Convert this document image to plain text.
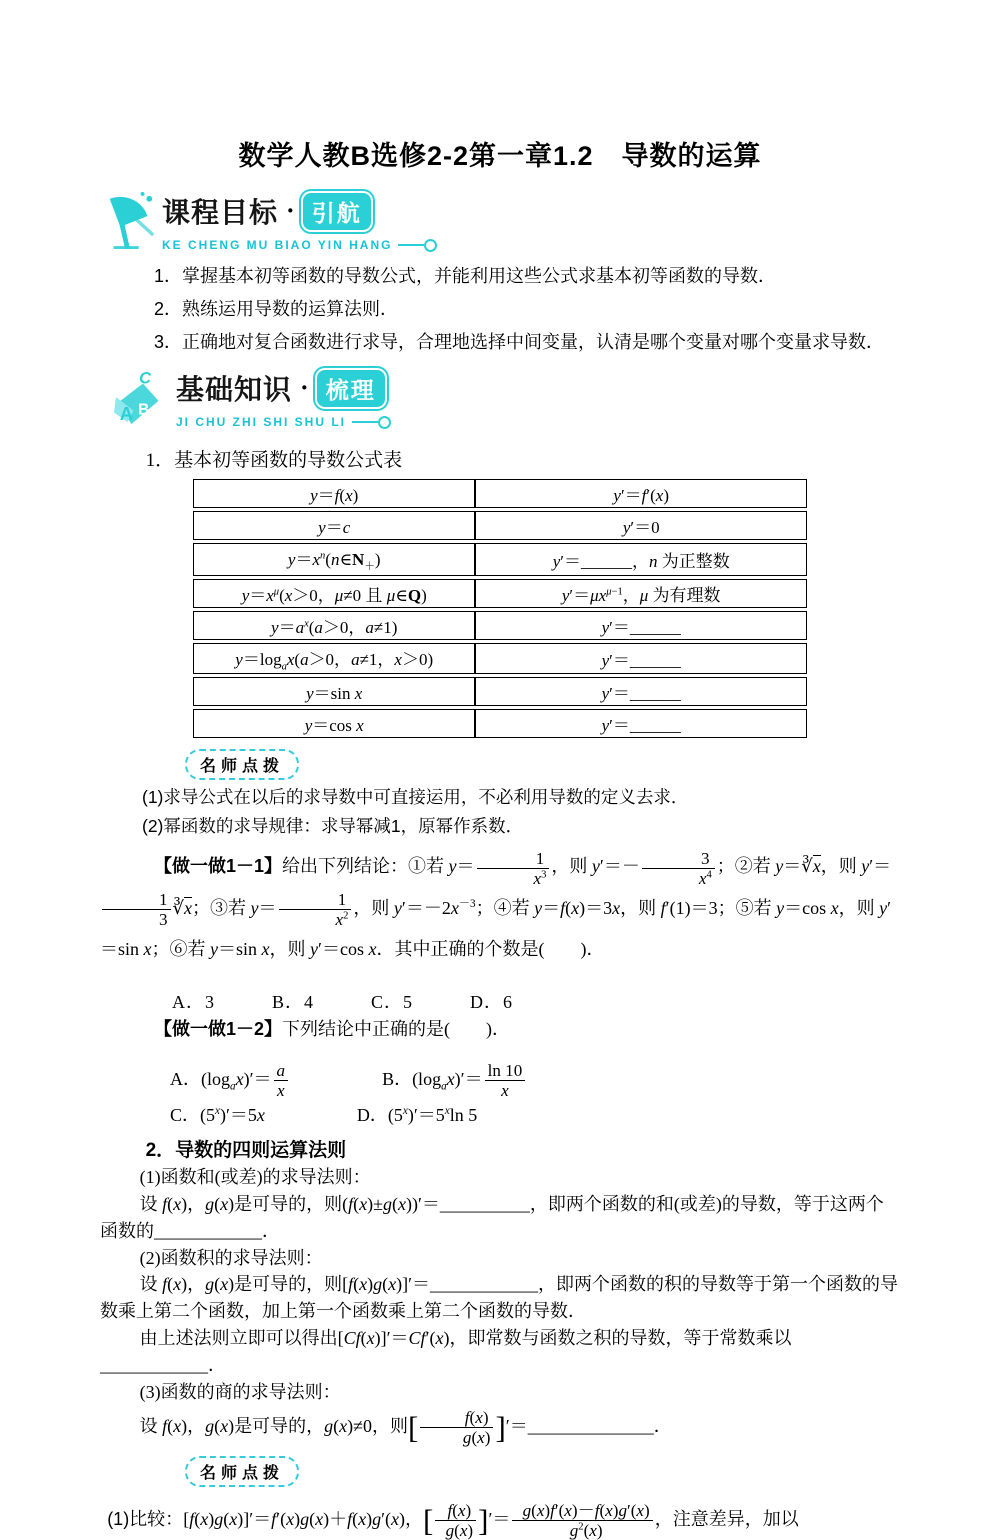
数学人教B选修2-2第一章1.2　导数的运算
课程目标 · 引航
KE CHENG MU BIAO YIN HANG

1．掌握基本初等函数的导数公式，并能利用这些公式求基本初等函数的导数．

2．熟练运用导数的运算法则．

3．正确地对复合函数进行求导，合理地选择中间变量，认清是哪个变量对哪个变量求导数．

C
A B
基础知识 · 梳理
JI CHU ZHI SHI SHU LI

1．基本初等函数的导数公式表

y＝f(x)	y′＝f′(x)
y＝c	y′＝0
$y=x^n(n\in N_+)$	y′＝______，n 为正整数
$y=x^\mu(x>0$，μ≠0 且 μ∈Q)	$y'=\mu x^{\mu-1}$，μ 为有理数
$y=a^x(a>0$，a≠1)	y′＝______
$y=\log_ax(a>0$，a≠1，x＞0)	y′＝______
y＝sin x	y′＝______
y＝cos x	y′＝______
名师点拨

(1)求导公式在以后的求导数中可直接运用，不必利用导数的定义去求．

(2)幂函数的求导规律：求导幂减1，原幂作系数．

【做一做1－1】给出下列结论：①若 $y= \frac{1}{x^3}$ ，则 $y'=- \frac{3}{x^4}$ ；②若 y＝∛x，则 y′＝
$\frac{1}{3}$ ∛x；③若 $y= \frac{1}{x^2}$ ，则 $y'=-2x^{-3}$；④若 y＝f(x)＝3x，则 f′(1)＝3；⑤若 y＝cos x，则 y′＝sin x；⑥若 y＝sin x，则 y′＝cos x．其中正确的个数是(　　)．

A．3　　　B．4　　　C．5　　　D．6

【做一做1－2】下列结论中正确的是(　　)．

A．$(\log_ax)'= \frac{a}{x}$	B．$(\log_ax)'= \frac{\ln 10}{x}$
C．$(5^x)'=5x$	D．$(5^x)'=5^x\ln$ 5

2．导数的四则运算法则

(1)函数和(或差)的求导法则：

设 f(x)，g(x)是可导的，则(f(x)±g(x))′＝__________，即两个函数的和(或差)的导数，等于这两个函数的____________．

(2)函数积的求导法则：

设 f(x)，g(x)是可导的，则[f(x)g(x)]′＝____________，即两个函数的积的导数等于第一个函数的导数乘上第二个函数，加上第一个函数乘上第二个函数的导数．

由上述法则立即可以得出[Cf(x)]′＝Cf′(x)，即常数与函数之积的导数，等于常数乘以____________．

(3)函数的商的求导法则：

设 f(x)，g(x)是可导的，g(x)≠0，则[ $\frac{f(x)}{g(x)}$ ]′＝______________．

名师点拨

(1)比较：[f(x)g(x)]′＝f′(x)g(x)＋f(x)g′(x)，[ $\frac{f(x)}{g(x)}$ ]′＝ $\frac{g(x)f'(x)-f(x)g'(x)}{g^2(x)}$ ，注意差异，加以
